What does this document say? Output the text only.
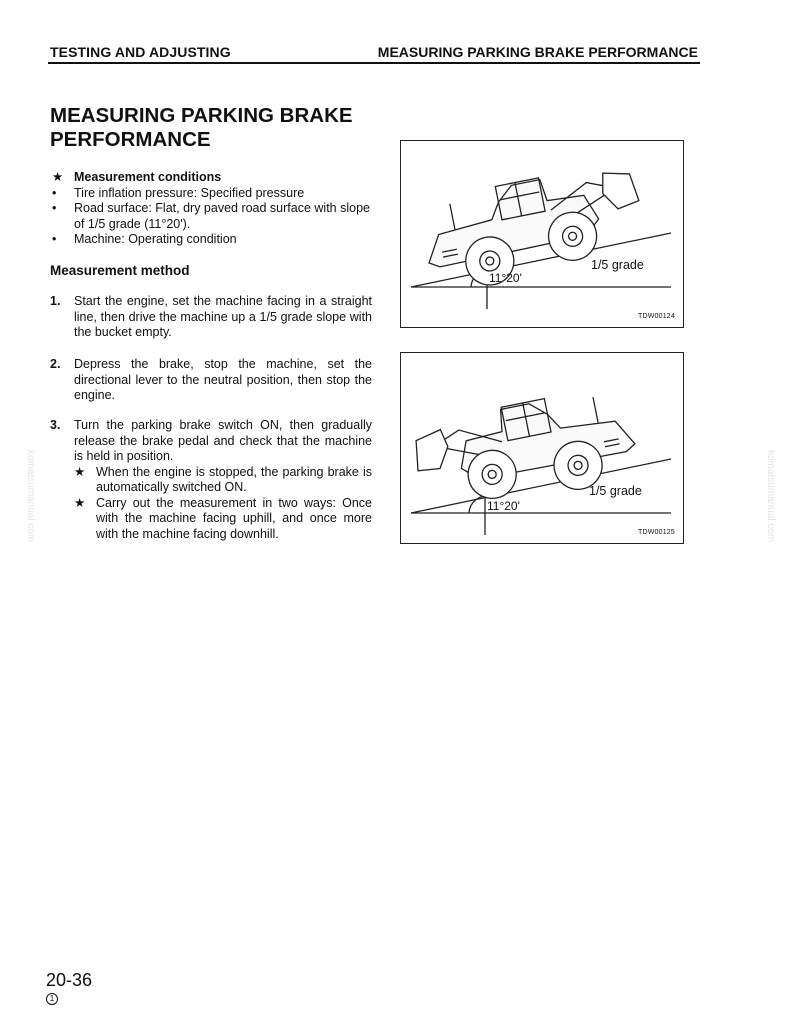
TESTING AND ADJUSTING	MEASURING PARKING BRAKE PERFORMANCE
MEASURING PARKING BRAKE
PERFORMANCE
★ Measurement conditions
• Tire inflation pressure: Specified pressure
• Road surface: Flat, dry paved road surface with slope of 1/5 grade (11°20').
• Machine: Operating condition
Measurement method
1. Start the engine, set the machine facing in a straight line, then drive the machine up a 1/5 grade slope with the bucket empty.
2. Depress the brake, stop the machine, set the directional lever to the neutral position, then stop the engine.
3. Turn the parking brake switch ON, then gradually release the brake pedal and check that the machine is held in position.
★ When the engine is stopped, the parking brake is automatically switched ON.
★ Carry out the measurement in two ways: Once with the machine facing uphill, and once more with the machine facing downhill.
1/5 grade
11°20'
TDW00124
1/5 grade
11°20'
TDW00125
komatsumanual.com	komatsumanual.com
20-36
1
